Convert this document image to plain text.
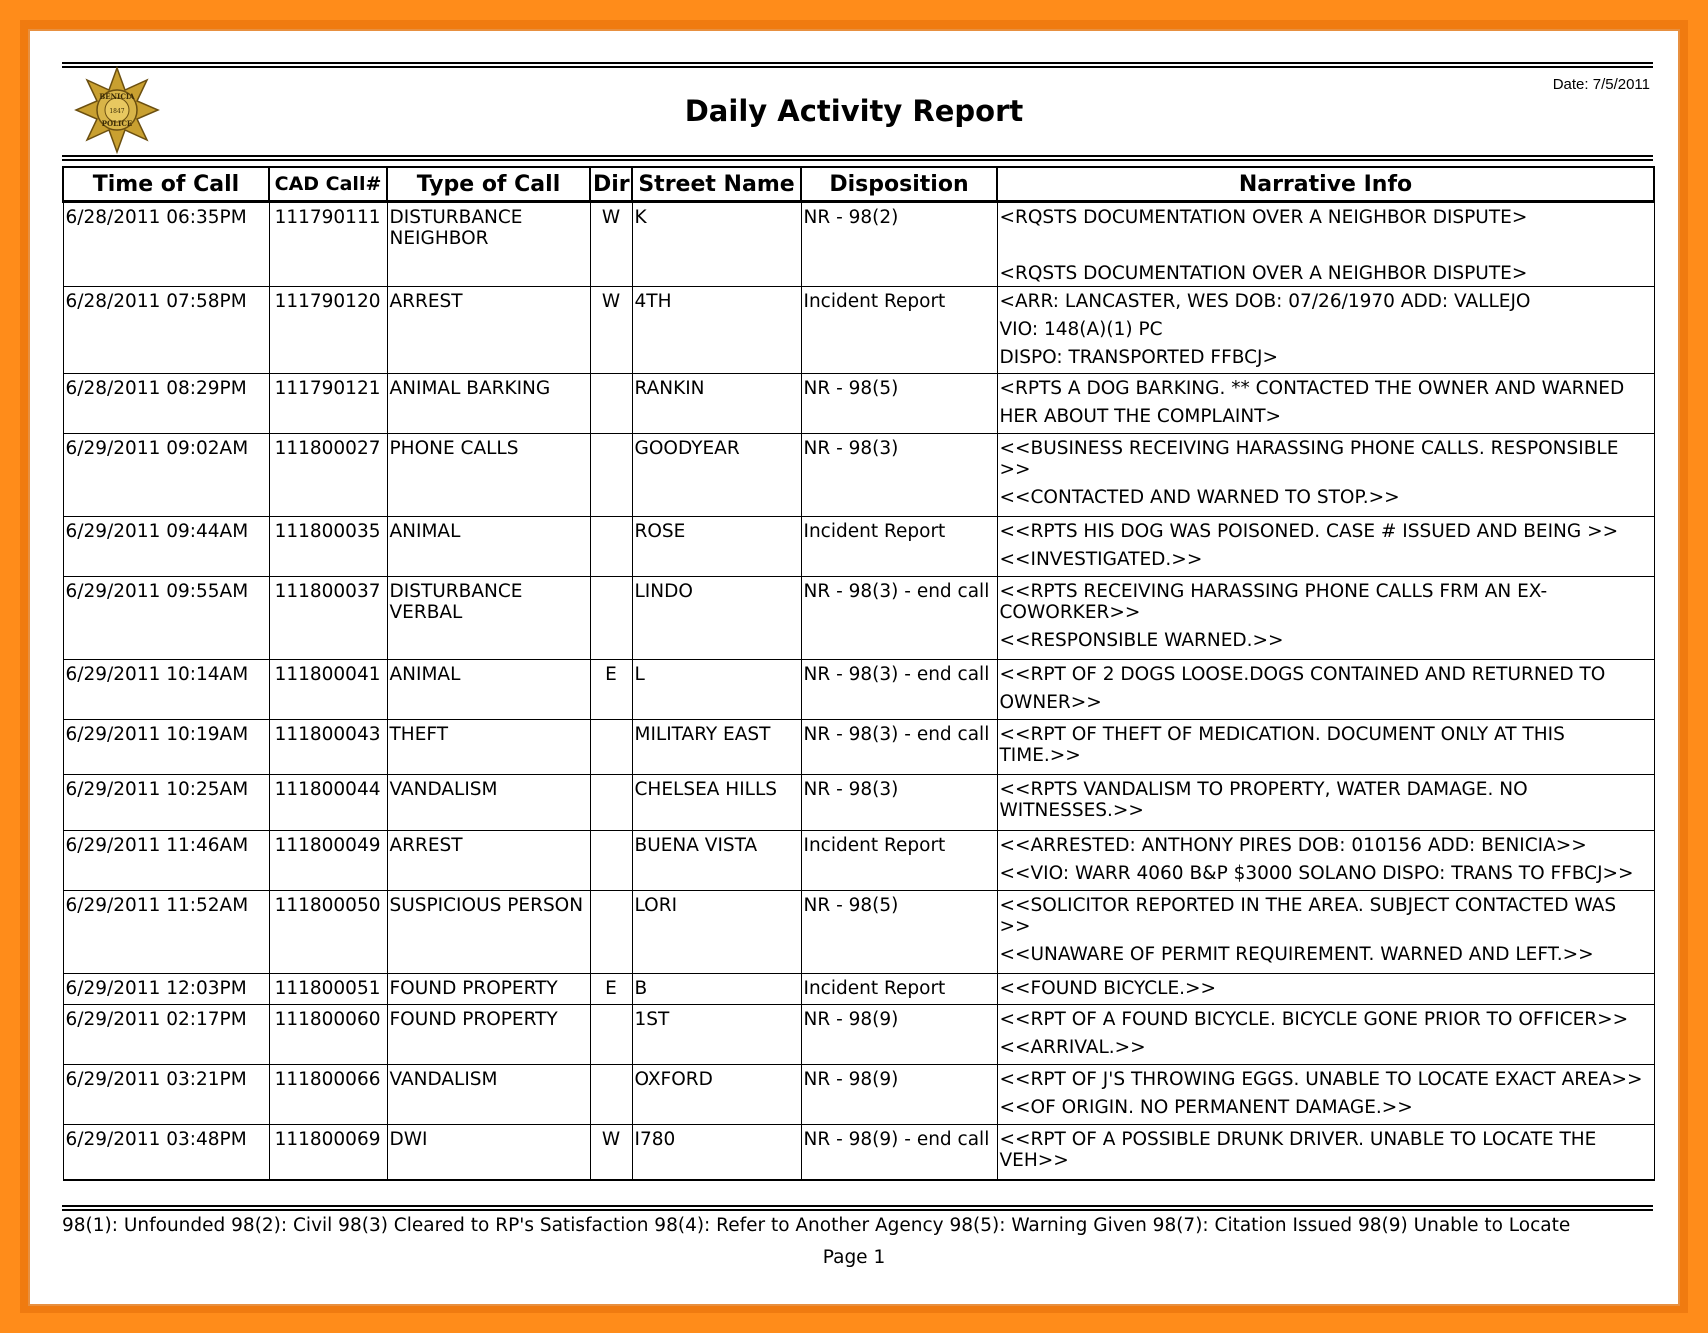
BENICIA
1847
POLICE
Date: 7/5/2011
Daily Activity Report
Time of Call	CAD Call#	Type of Call	Dir	Street Name	Disposition	Narrative Info
6/28/2011 06:35PM	111790111	DISTURBANCE NEIGHBOR	W	K	NR - 98(2)	<RQSTS DOCUMENTATION OVER A NEIGHBOR DISPUTE>
<RQSTS DOCUMENTATION OVER A NEIGHBOR DISPUTE>

6/28/2011 07:58PM	111790120	ARREST	W	4TH	Incident Report	<ARR: LANCASTER, WES DOB: 07/26/1970 ADD: VALLEJO
VIO: 148(A)(1) PC
DISPO: TRANSPORTED FFBCJ>

6/28/2011 08:29PM	111790121	ANIMAL BARKING		RANKIN	NR - 98(5)	<RPTS A DOG BARKING. ** CONTACTED THE OWNER AND WARNED
HER ABOUT THE COMPLAINT>

6/29/2011 09:02AM	111800027	PHONE CALLS		GOODYEAR	NR - 98(3)	<<BUSINESS RECEIVING HARASSING PHONE CALLS. RESPONSIBLE >>
<<CONTACTED AND WARNED TO STOP.>>

6/29/2011 09:44AM	111800035	ANIMAL		ROSE	Incident Report	<<RPTS HIS DOG WAS POISONED. CASE # ISSUED AND BEING >>
<<INVESTIGATED.>>

6/29/2011 09:55AM	111800037	DISTURBANCE VERBAL		LINDO	NR - 98(3) - end call	<<RPTS RECEIVING HARASSING PHONE CALLS FRM AN EX-COWORKER>>
<<RESPONSIBLE WARNED.>>

6/29/2011 10:14AM	111800041	ANIMAL	E	L	NR - 98(3) - end call	<<RPT OF 2 DOGS LOOSE.DOGS CONTAINED AND RETURNED TO
OWNER>>

6/29/2011 10:19AM	111800043	THEFT		MILITARY EAST	NR - 98(3) - end call	<<RPT OF THEFT OF MEDICATION. DOCUMENT ONLY AT THIS TIME.>>

6/29/2011 10:25AM	111800044	VANDALISM		CHELSEA HILLS	NR - 98(3)	<<RPTS VANDALISM TO PROPERTY, WATER DAMAGE. NO WITNESSES.>>

6/29/2011 11:46AM	111800049	ARREST		BUENA VISTA	Incident Report	<<ARRESTED: ANTHONY PIRES DOB: 010156 ADD: BENICIA>>
<<VIO: WARR 4060 B&P $3000 SOLANO DISPO: TRANS TO FFBCJ>>

6/29/2011 11:52AM	111800050	SUSPICIOUS PERSON		LORI	NR - 98(5)	<<SOLICITOR REPORTED IN THE AREA. SUBJECT CONTACTED WAS >>
<<UNAWARE OF PERMIT REQUIREMENT. WARNED AND LEFT.>>

6/29/2011 12:03PM	111800051	FOUND PROPERTY	E	B	Incident Report	<<FOUND BICYCLE.>>

6/29/2011 02:17PM	111800060	FOUND PROPERTY		1ST	NR - 98(9)	<<RPT OF A FOUND BICYCLE. BICYCLE GONE PRIOR TO OFFICER>>
<<ARRIVAL.>>

6/29/2011 03:21PM	111800066	VANDALISM		OXFORD	NR - 98(9)	<<RPT OF J'S THROWING EGGS. UNABLE TO LOCATE EXACT AREA>>
<<OF ORIGIN. NO PERMANENT DAMAGE.>>

6/29/2011 03:48PM	111800069	DWI	W	I780	NR - 98(9) - end call	<<RPT OF A POSSIBLE DRUNK DRIVER. UNABLE TO LOCATE THE VEH>>
98(1): Unfounded 98(2): Civil 98(3) Cleared to RP's Satisfaction 98(4): Refer to Another Agency 98(5): Warning Given 98(7): Citation Issued 98(9) Unable to Locate
Page 1
